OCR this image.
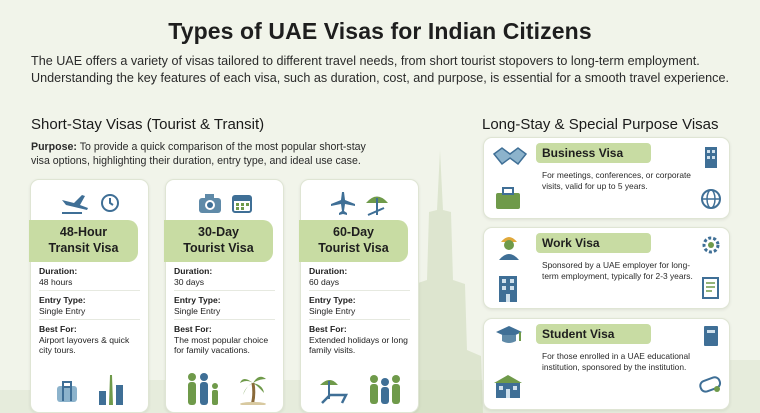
Types of UAE Visas for Indian Citizens

The UAE offers a variety of visas tailored to different travel needs, from short tourist stopovers to long-term employment. Understanding the key features of each visa, such as duration, cost, and purpose, is essential for a smooth travel experience.

Short-Stay Visas (Tourist & Transit)

Purpose: To provide a quick comparison of the most popular short-stay visa options, highlighting their duration, entry type, and ideal use case.

Long-Stay & Special Purpose Visas
48-Hour
Transit Visa
Duration:
48 hours
Entry Type:
Single Entry
Best For:
Airport layovers & quick city tours.
30-Day
Tourist Visa
Duration:
30 days
Entry Type:
Single Entry
Best For:
The most popular choice for family vacations.
60-Day
Tourist Visa
Duration:
60 days
Entry Type:
Single Entry
Best For:
Extended holidays or long family visits.
Business Visa
For meetings, conferences, or corporate visits, valid for up to 5 years.
Work Visa
Sponsored by a UAE employer for long-term employment, typically for 2-3 years.
Student Visa
For those enrolled in a UAE educational institution, sponsored by the institution.
